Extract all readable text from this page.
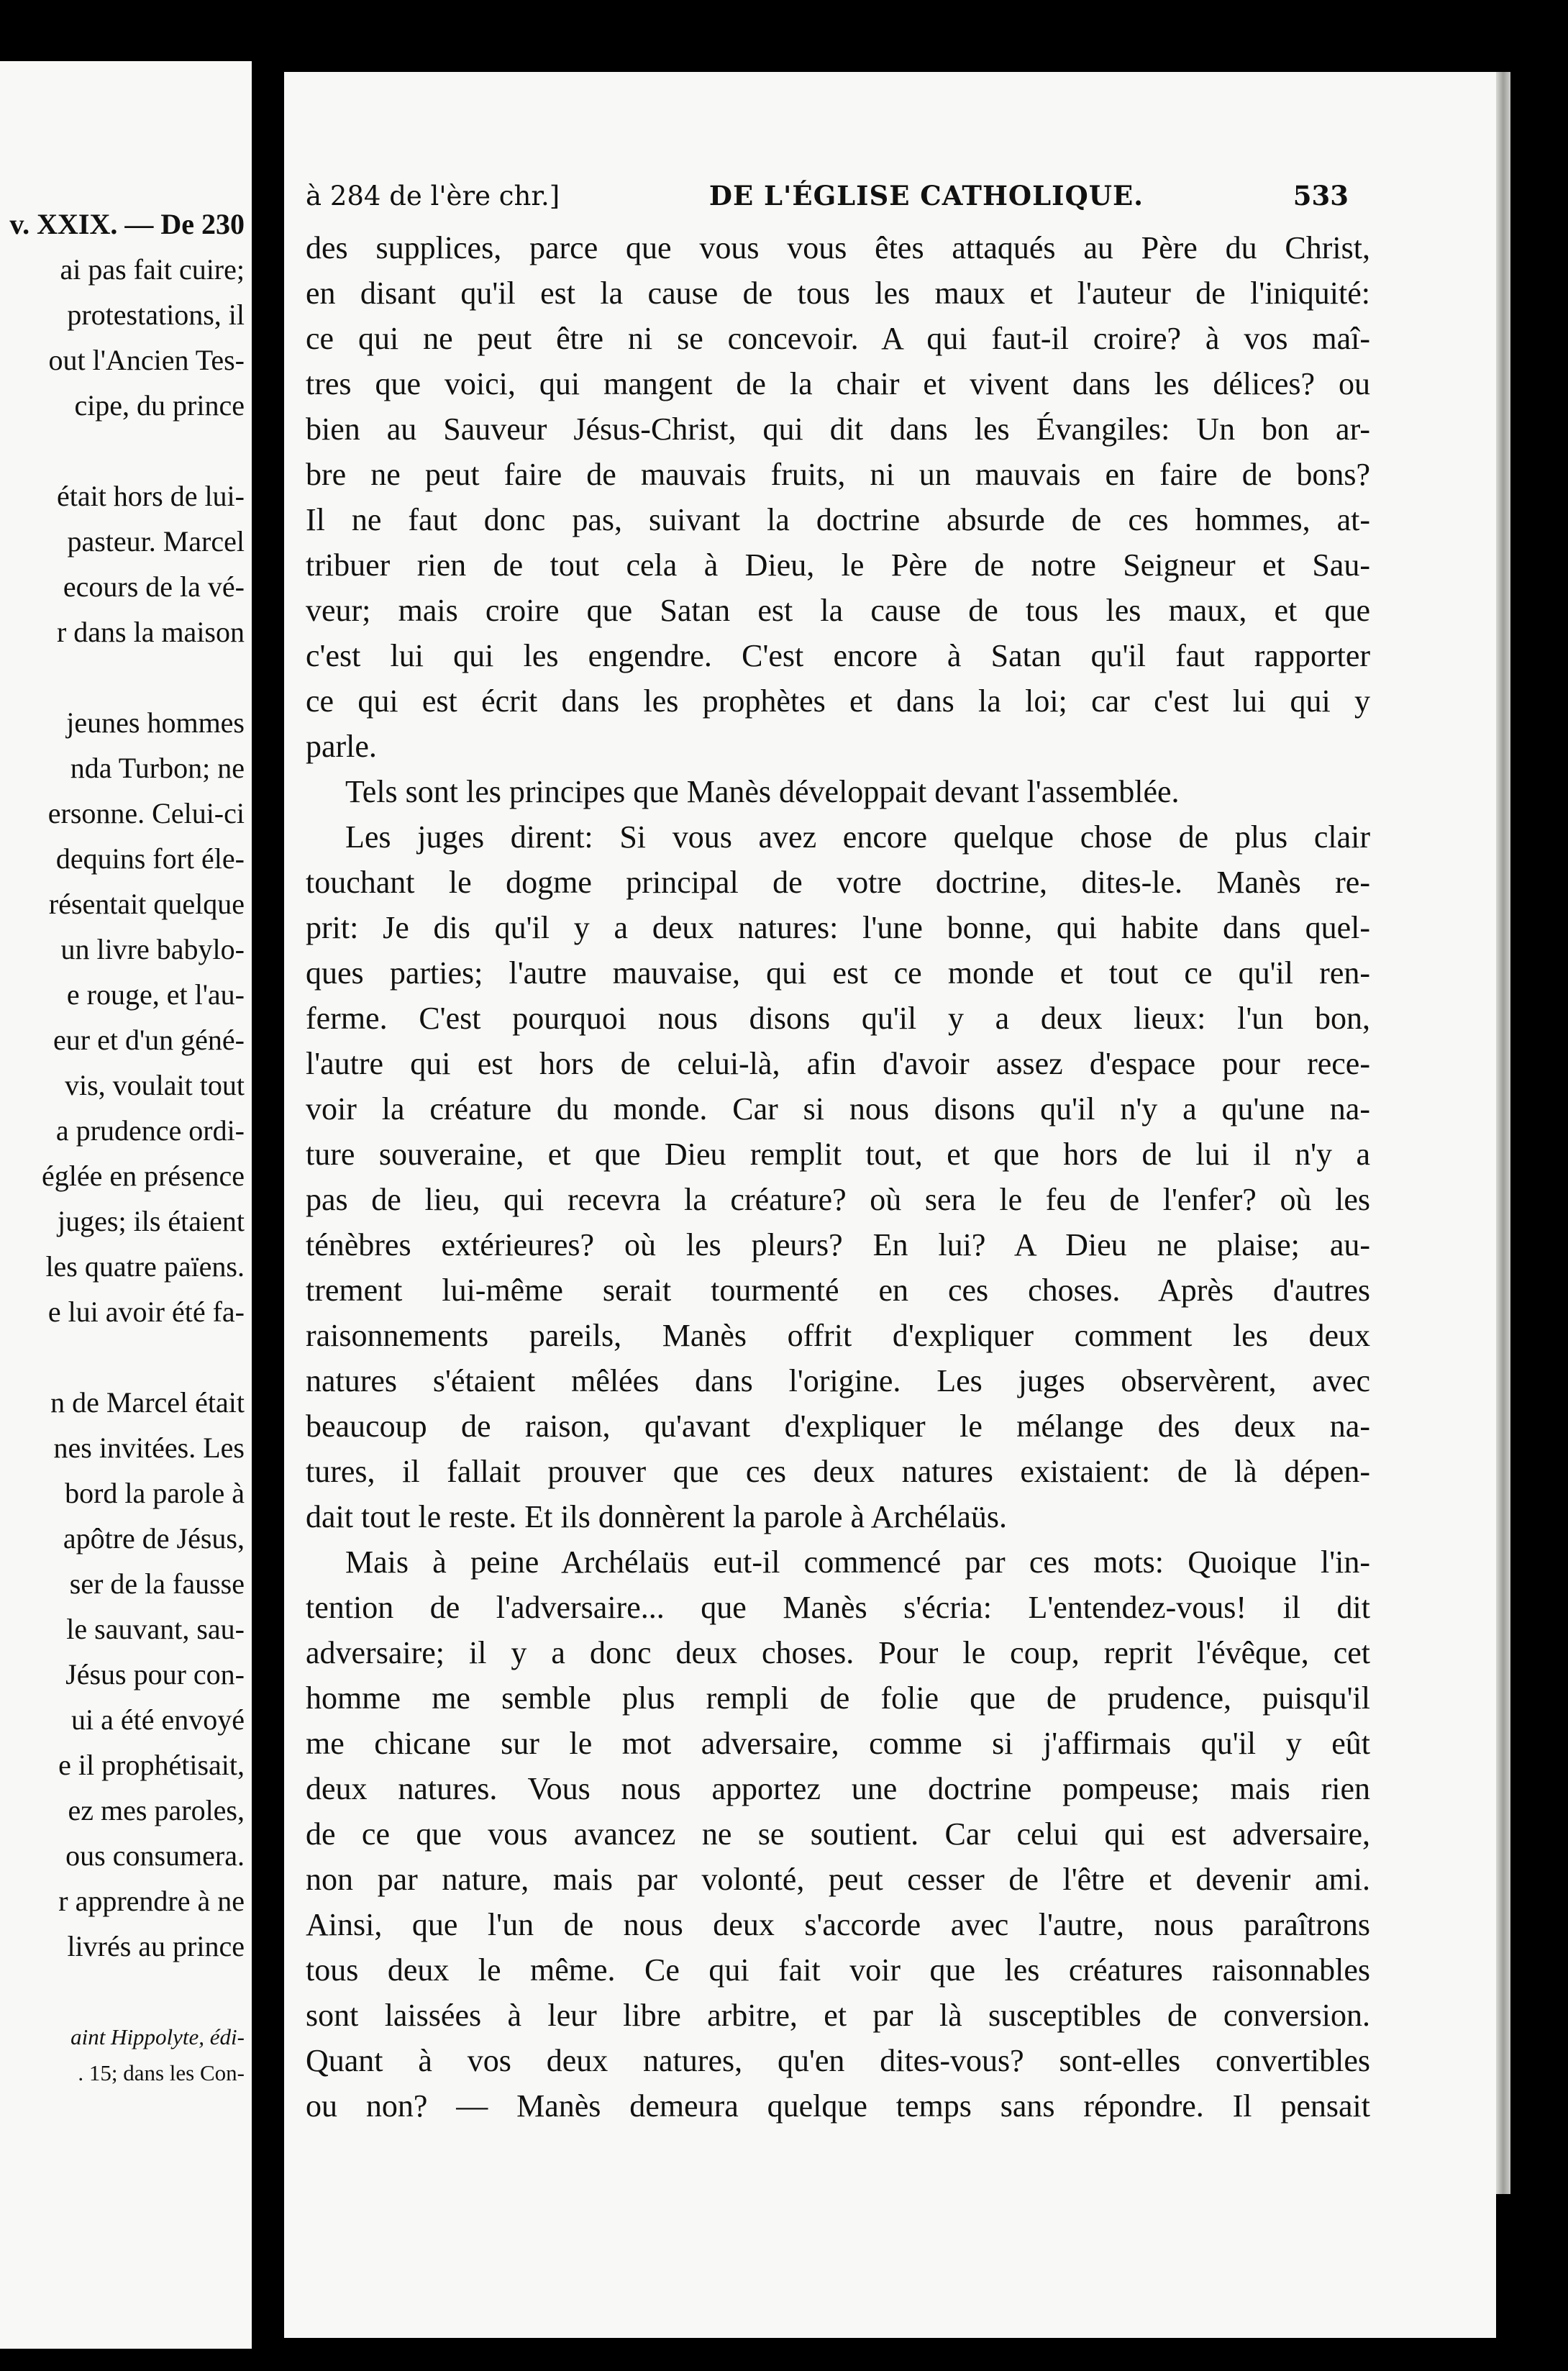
v. XXIX. — De 230
ai pas fait cuire;
protestations, il
out l'Ancien Tes-
cipe, du prince
était hors de lui-
pasteur. Marcel
ecours de la vé-
r dans la maison
jeunes hommes
nda Turbon; ne
ersonne. Celui-ci
dequins fort éle-
résentait quelque
un livre babylo-
e rouge, et l'au-
eur et d'un géné-
vis, voulait tout
a prudence ordi-
églée en présence
juges; ils étaient
les quatre païens.
e lui avoir été fa-
n de Marcel était
nes invitées. Les
bord la parole à
apôtre de Jésus,
ser de la fausse
le sauvant, sau-
Jésus pour con-
ui a été envoyé
e il prophétisait,
ez mes paroles,
ous consumera.
r apprendre à ne
livrés au prince
aint Hippolyte, édi-
. 15; dans les Con-
à 284 de l'ère chr.]	DE L'ÉGLISE CATHOLIQUE.	533
des supplices, parce que vous vous êtes attaqués au Père du Christ,
en disant qu'il est la cause de tous les maux et l'auteur de l'iniquité:
ce qui ne peut être ni se concevoir. A qui faut-il croire? à vos maî-
tres que voici, qui mangent de la chair et vivent dans les délices? ou
bien au Sauveur Jésus-Christ, qui dit dans les Évangiles: Un bon ar-
bre ne peut faire de mauvais fruits, ni un mauvais en faire de bons?
Il ne faut donc pas, suivant la doctrine absurde de ces hommes, at-
tribuer rien de tout cela à Dieu, le Père de notre Seigneur et Sau-
veur; mais croire que Satan est la cause de tous les maux, et que
c'est lui qui les engendre. C'est encore à Satan qu'il faut rapporter
ce qui est écrit dans les prophètes et dans la loi; car c'est lui qui y
parle.
Tels sont les principes que Manès développait devant l'assemblée.
Les juges dirent: Si vous avez encore quelque chose de plus clair
touchant le dogme principal de votre doctrine, dites-le. Manès re-
prit: Je dis qu'il y a deux natures: l'une bonne, qui habite dans quel-
ques parties; l'autre mauvaise, qui est ce monde et tout ce qu'il ren-
ferme. C'est pourquoi nous disons qu'il y a deux lieux: l'un bon,
l'autre qui est hors de celui-là, afin d'avoir assez d'espace pour rece-
voir la créature du monde. Car si nous disons qu'il n'y a qu'une na-
ture souveraine, et que Dieu remplit tout, et que hors de lui il n'y a
pas de lieu, qui recevra la créature? où sera le feu de l'enfer? où les
ténèbres extérieures? où les pleurs? En lui? A Dieu ne plaise; au-
trement lui-même serait tourmenté en ces choses. Après d'autres
raisonnements pareils, Manès offrit d'expliquer comment les deux
natures s'étaient mêlées dans l'origine. Les juges observèrent, avec
beaucoup de raison, qu'avant d'expliquer le mélange des deux na-
tures, il fallait prouver que ces deux natures existaient: de là dépen-
dait tout le reste. Et ils donnèrent la parole à Archélaüs.
Mais à peine Archélaüs eut-il commencé par ces mots: Quoique l'in-
tention de l'adversaire... que Manès s'écria: L'entendez-vous! il dit
adversaire; il y a donc deux choses. Pour le coup, reprit l'évêque, cet
homme me semble plus rempli de folie que de prudence, puisqu'il
me chicane sur le mot adversaire, comme si j'affirmais qu'il y eût
deux natures. Vous nous apportez une doctrine pompeuse; mais rien
de ce que vous avancez ne se soutient. Car celui qui est adversaire,
non par nature, mais par volonté, peut cesser de l'être et devenir ami.
Ainsi, que l'un de nous deux s'accorde avec l'autre, nous paraîtrons
tous deux le même. Ce qui fait voir que les créatures raisonnables
sont laissées à leur libre arbitre, et par là susceptibles de conversion.
Quant à vos deux natures, qu'en dites-vous? sont-elles convertibles
ou non? — Manès demeura quelque temps sans répondre. Il pensait
